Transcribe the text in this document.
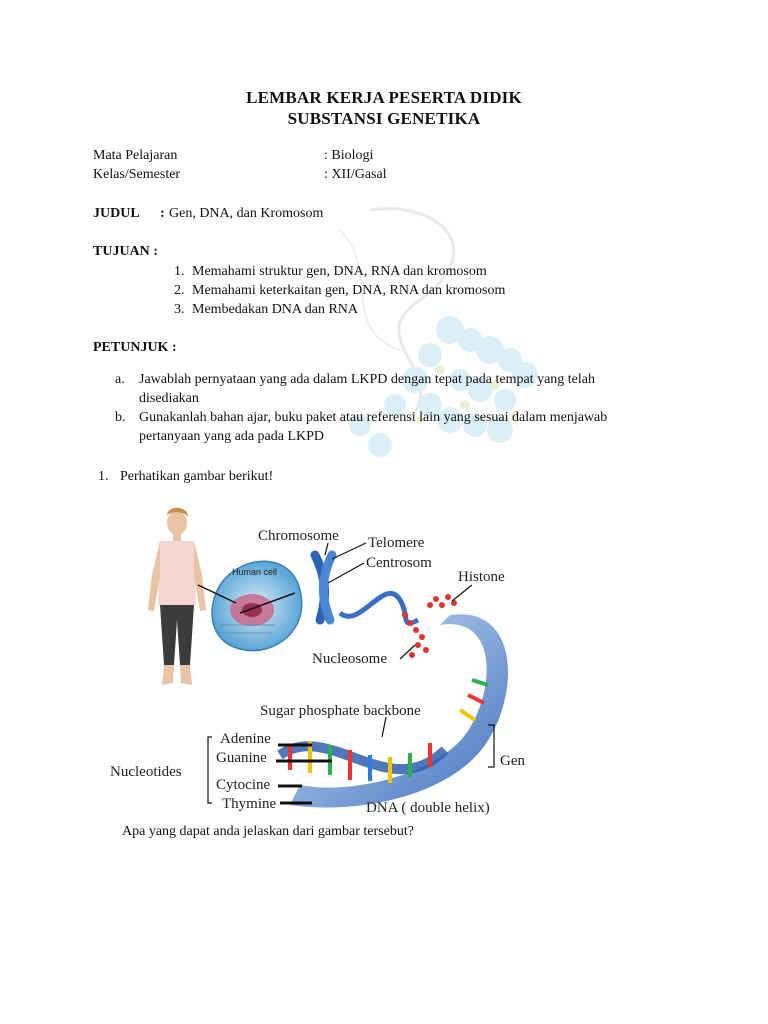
LEMBAR KERJA PESERTA DIDIK
SUBSTANSI GENETIKA
Mata Pelajaran	: Biologi
Kelas/Semester	: XII/Gasal
JUDUL : Gen, DNA, dan Kromosom
TUJUAN :
1. Memahami struktur gen, DNA, RNA dan kromosom
2. Memahami keterkaitan gen, DNA, RNA dan kromosom
3. Membedakan DNA dan RNA
PETUNJUK :
a. Jawablah pernyataan yang ada dalam LKPD dengan tepat pada tempat yang telah
disediakan
b. Gunakanlah bahan ajar, buku paket atau referensi lain yang sesuai dalam menjawab
pertanyaan yang ada pada LKPD
1. Perhatikan gambar berikut!
Human cell
Chromosome Telomere
Centrosom
Histone
Nucleosome
Sugar phosphate backbone
Nucleotides
Adenine
Guanine
Cytocine
Thymine
Gen
DNA ( double helix)
Apa yang dapat anda jelaskan dari gambar tersebut?
